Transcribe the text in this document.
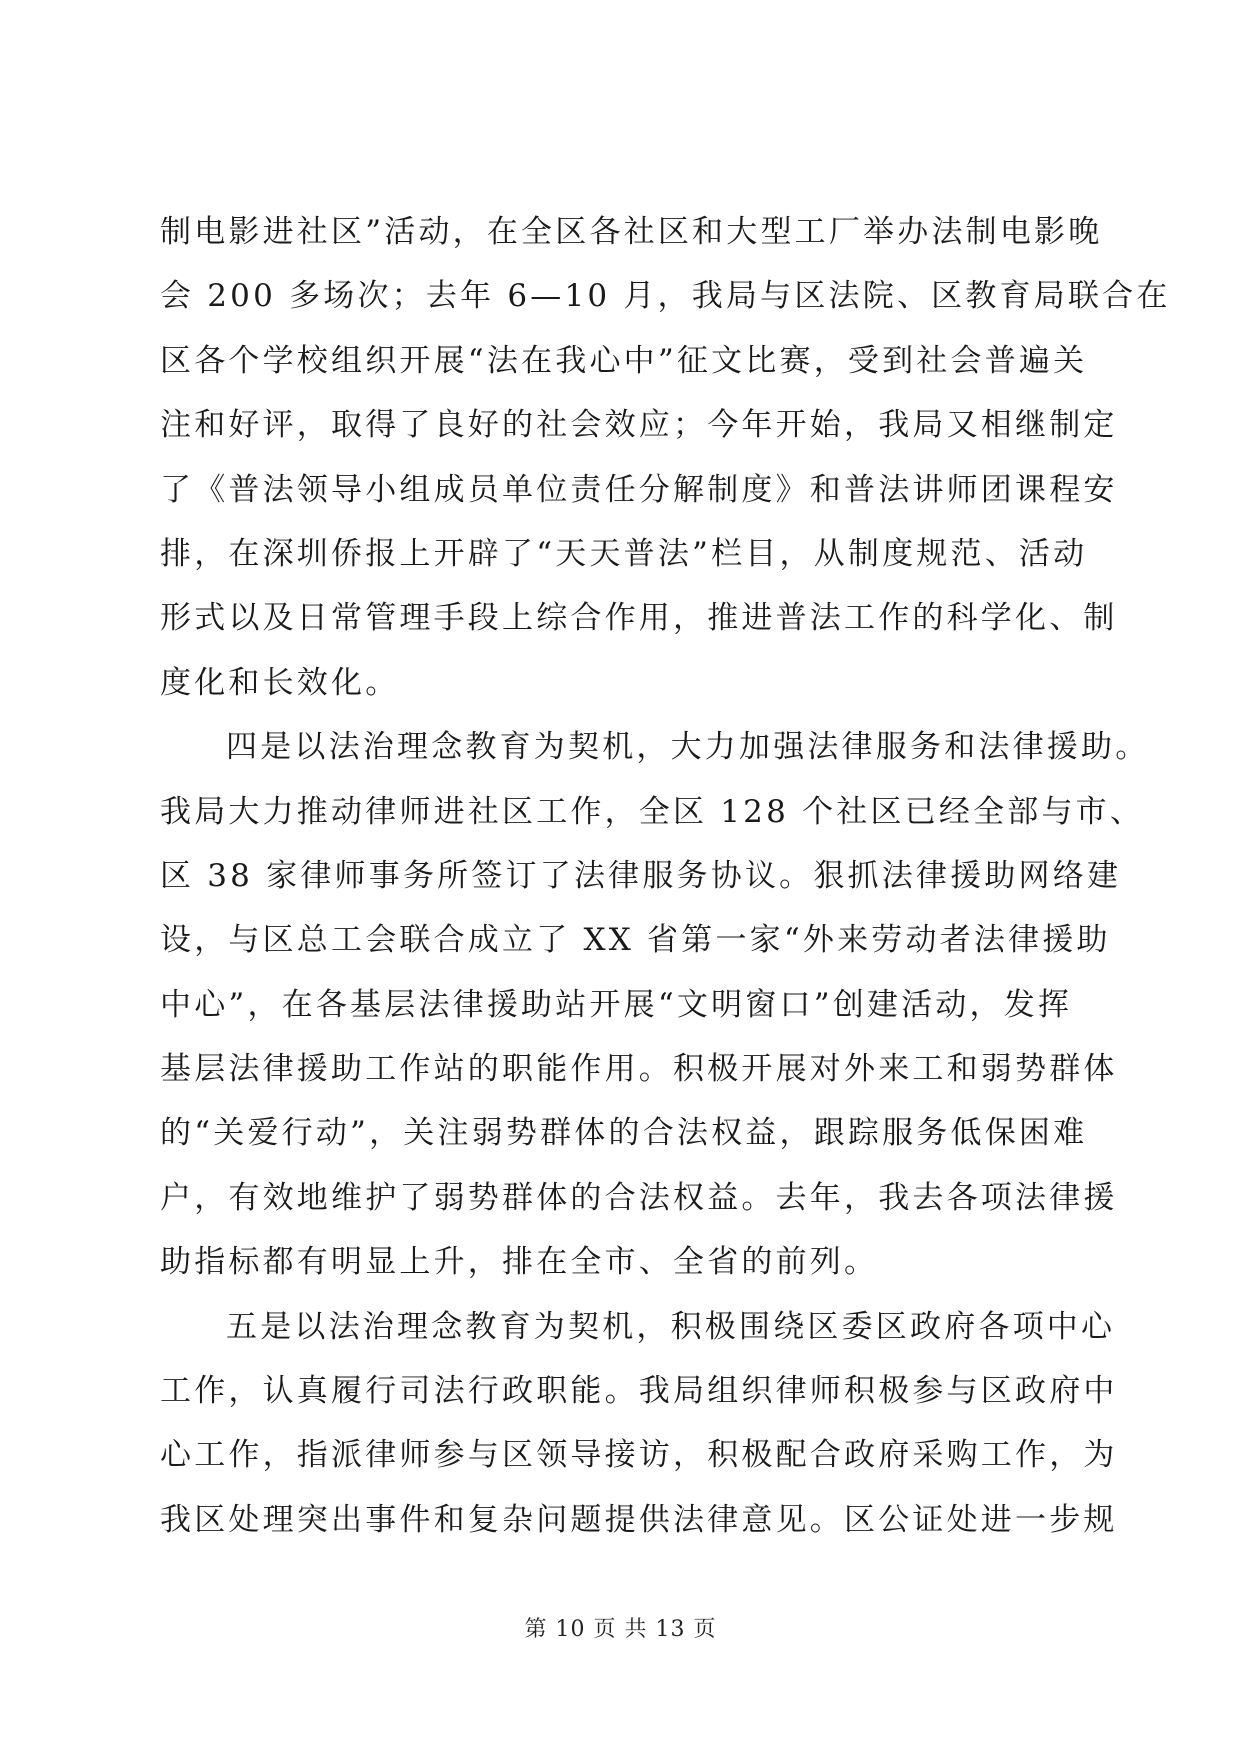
制电影进社区”活动，在全区各社区和大型工厂举办法制电影晚
会 200 多场次；去年 6—10 月，我局与区法院、区教育局联合在
区各个学校组织开展“法在我心中”征文比赛，受到社会普遍关
注和好评，取得了良好的社会效应；今年开始，我局又相继制定
了《普法领导小组成员单位责任分解制度》和普法讲师团课程安
排，在深圳侨报上开辟了“天天普法”栏目，从制度规范、活动
形式以及日常管理手段上综合作用，推进普法工作的科学化、制
度化和长效化。
四是以法治理念教育为契机，大力加强法律服务和法律援助。
我局大力推动律师进社区工作，全区 128 个社区已经全部与市、
区 38 家律师事务所签订了法律服务协议。狠抓法律援助网络建
设，与区总工会联合成立了 XX 省第一家“外来劳动者法律援助
中心”，在各基层法律援助站开展“文明窗口”创建活动，发挥
基层法律援助工作站的职能作用。积极开展对外来工和弱势群体
的“关爱行动”，关注弱势群体的合法权益，跟踪服务低保困难
户，有效地维护了弱势群体的合法权益。去年，我去各项法律援
助指标都有明显上升，排在全市、全省的前列。
五是以法治理念教育为契机，积极围绕区委区政府各项中心
工作，认真履行司法行政职能。我局组织律师积极参与区政府中
心工作，指派律师参与区领导接访，积极配合政府采购工作，为
我区处理突出事件和复杂问题提供法律意见。区公证处进一步规
第 10 页 共 13 页
